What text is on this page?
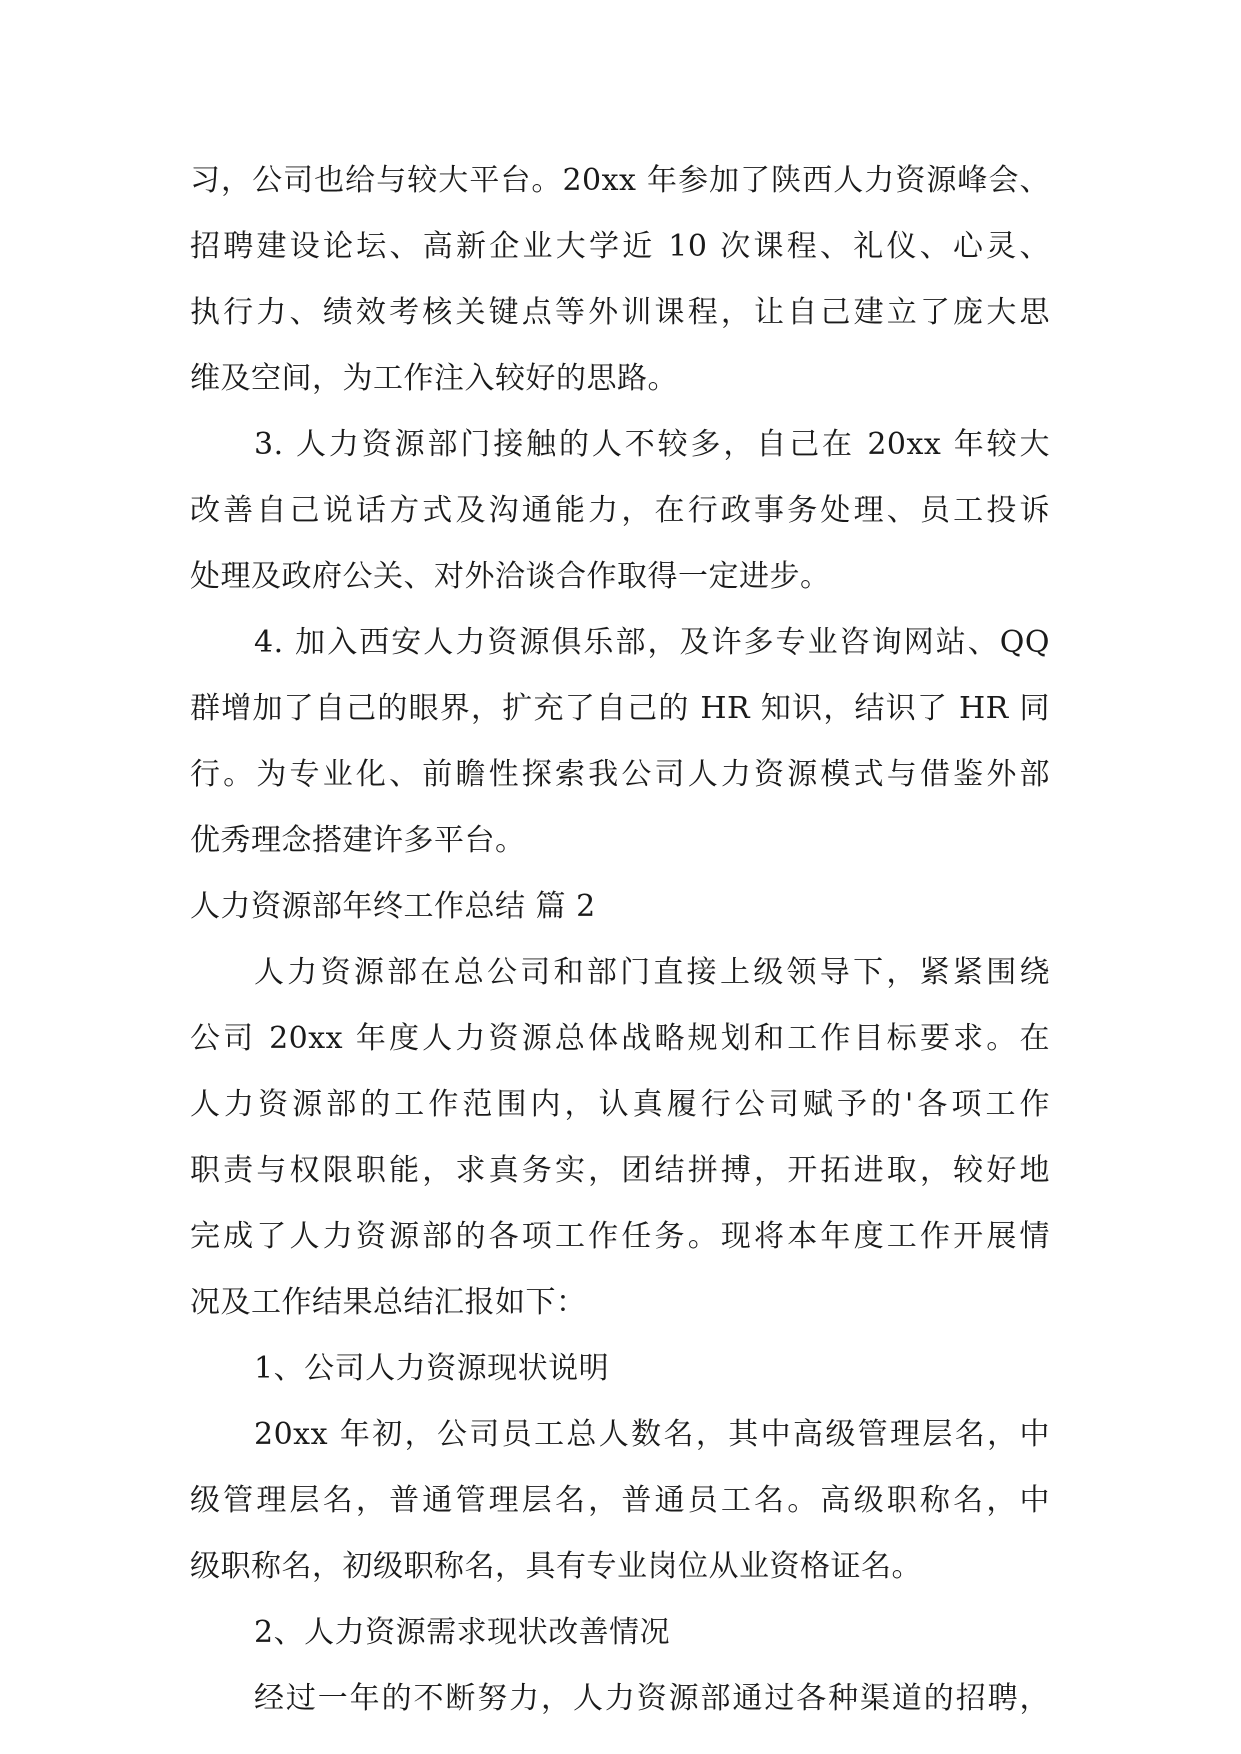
习，公司也给与较大平台。20xx 年参加了陕西人力资源峰会、
招聘建设论坛、高新企业大学近 10 次课程、礼仪、心灵、
执行力、绩效考核关键点等外训课程，让自己建立了庞大思
维及空间，为工作注入较好的思路。
3. 人力资源部门接触的人不较多，自己在 20xx 年较大
改善自己说话方式及沟通能力，在行政事务处理、员工投诉
处理及政府公关、对外洽谈合作取得一定进步。
4. 加入西安人力资源俱乐部，及许多专业咨询网站、QQ
群增加了自己的眼界，扩充了自己的 HR 知识，结识了 HR 同
行。为专业化、前瞻性探索我公司人力资源模式与借鉴外部
优秀理念搭建许多平台。
人力资源部年终工作总结 篇 2
人力资源部在总公司和部门直接上级领导下，紧紧围绕
公司 20xx 年度人力资源总体战略规划和工作目标要求。在
人力资源部的工作范围内，认真履行公司赋予的'各项工作
职责与权限职能，求真务实，团结拼搏，开拓进取，较好地
完成了人力资源部的各项工作任务。现将本年度工作开展情
况及工作结果总结汇报如下：
1、公司人力资源现状说明
20xx 年初，公司员工总人数名，其中高级管理层名，中
级管理层名，普通管理层名，普通员工名。高级职称名，中
级职称名，初级职称名，具有专业岗位从业资格证名。
2、人力资源需求现状改善情况
经过一年的不断努力，人力资源部通过各种渠道的招聘，
